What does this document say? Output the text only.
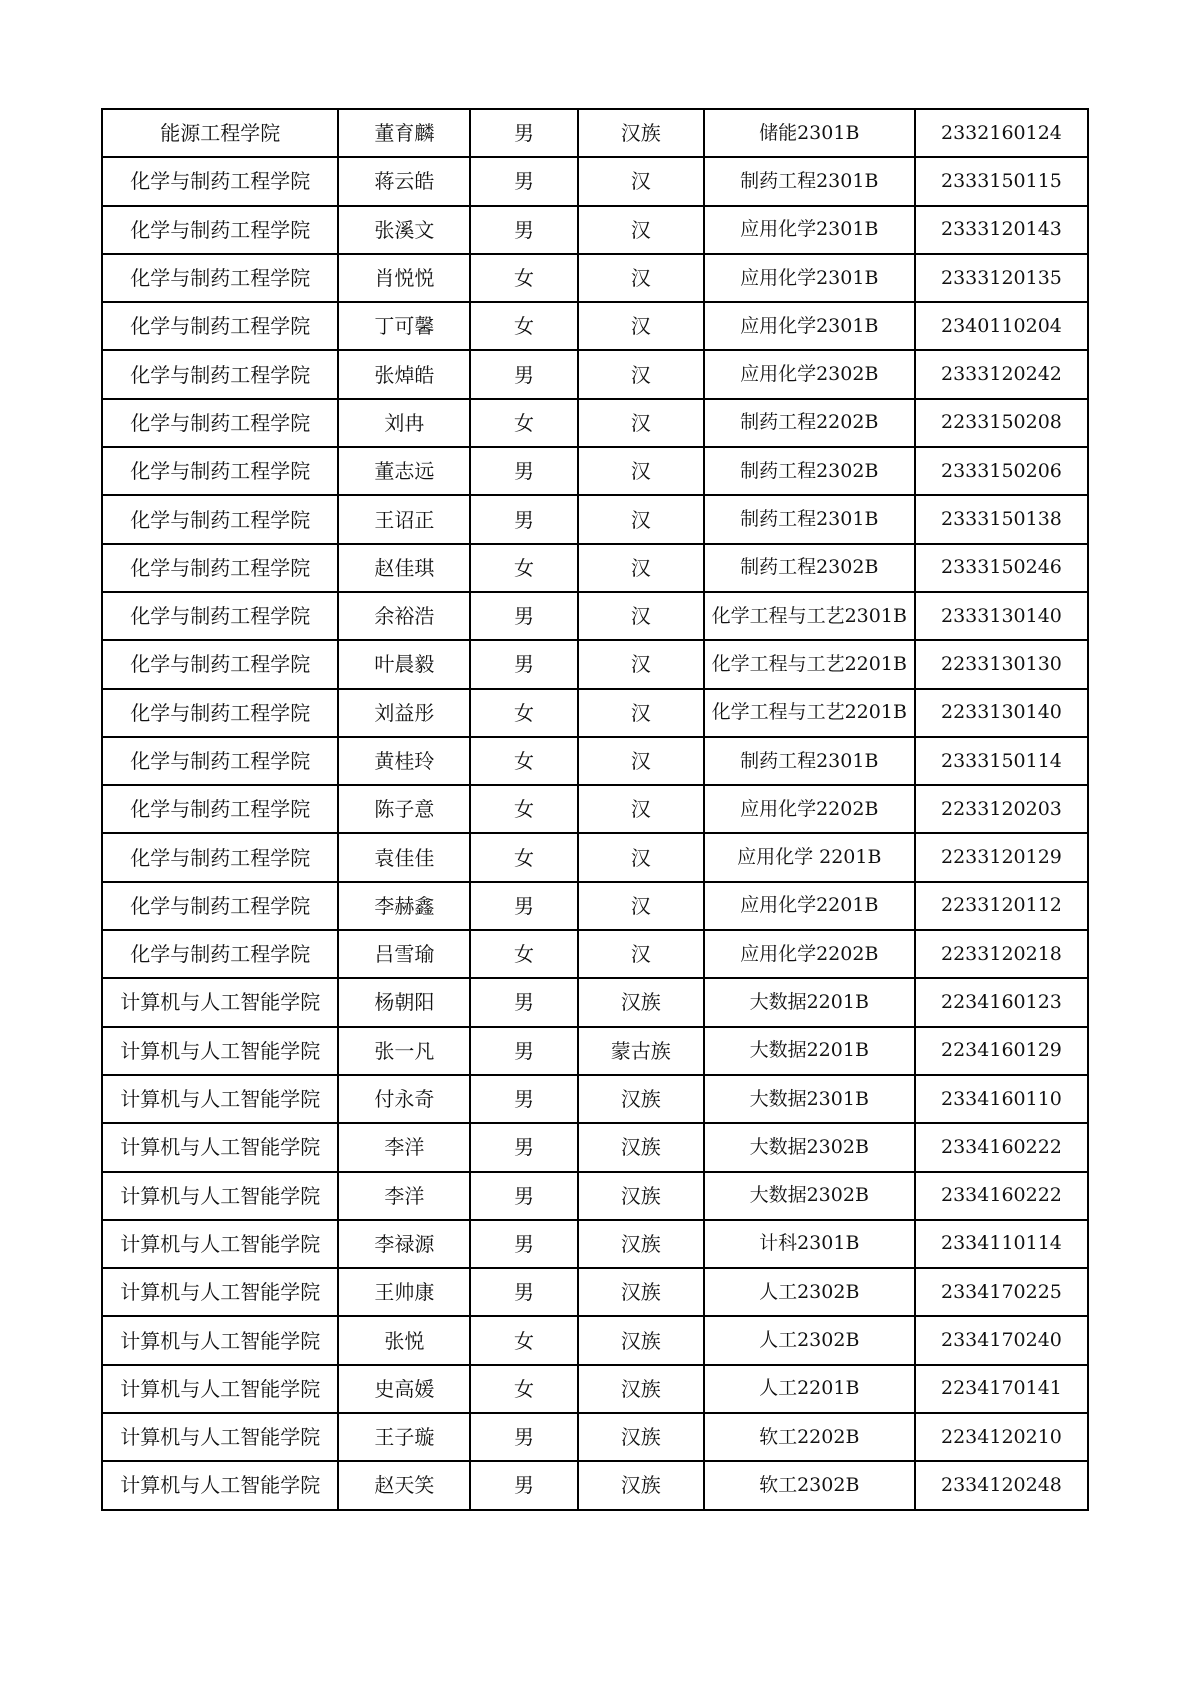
能源工程学院	董育麟	男	汉族	储能2301B	2332160124
化学与制药工程学院	蒋云皓	男	汉	制药工程2301B	2333150115
化学与制药工程学院	张溪文	男	汉	应用化学2301B	2333120143
化学与制药工程学院	肖悦悦	女	汉	应用化学2301B	2333120135
化学与制药工程学院	丁可馨	女	汉	应用化学2301B	2340110204
化学与制药工程学院	张焯皓	男	汉	应用化学2302B	2333120242
化学与制药工程学院	刘冉	女	汉	制药工程2202B	2233150208
化学与制药工程学院	董志远	男	汉	制药工程2302B	2333150206
化学与制药工程学院	王诏正	男	汉	制药工程2301B	2333150138
化学与制药工程学院	赵佳琪	女	汉	制药工程2302B	2333150246
化学与制药工程学院	余裕浩	男	汉	化学工程与工艺2301B	2333130140
化学与制药工程学院	叶晨毅	男	汉	化学工程与工艺2201B	2233130130
化学与制药工程学院	刘益彤	女	汉	化学工程与工艺2201B	2233130140
化学与制药工程学院	黄桂玲	女	汉	制药工程2301B	2333150114
化学与制药工程学院	陈子意	女	汉	应用化学2202B	2233120203
化学与制药工程学院	袁佳佳	女	汉	应用化学 2201B	2233120129
化学与制药工程学院	李赫鑫	男	汉	应用化学2201B	2233120112
化学与制药工程学院	吕雪瑜	女	汉	应用化学2202B	2233120218
计算机与人工智能学院	杨朝阳	男	汉族	大数据2201B	2234160123
计算机与人工智能学院	张一凡	男	蒙古族	大数据2201B	2234160129
计算机与人工智能学院	付永奇	男	汉族	大数据2301B	2334160110
计算机与人工智能学院	李洋	男	汉族	大数据2302B	2334160222
计算机与人工智能学院	李洋	男	汉族	大数据2302B	2334160222
计算机与人工智能学院	李禄源	男	汉族	计科2301B	2334110114
计算机与人工智能学院	王帅康	男	汉族	人工2302B	2334170225
计算机与人工智能学院	张悦	女	汉族	人工2302B	2334170240
计算机与人工智能学院	史高媛	女	汉族	人工2201B	2234170141
计算机与人工智能学院	王子璇	男	汉族	软工2202B	2234120210
计算机与人工智能学院	赵天笑	男	汉族	软工2302B	2334120248
